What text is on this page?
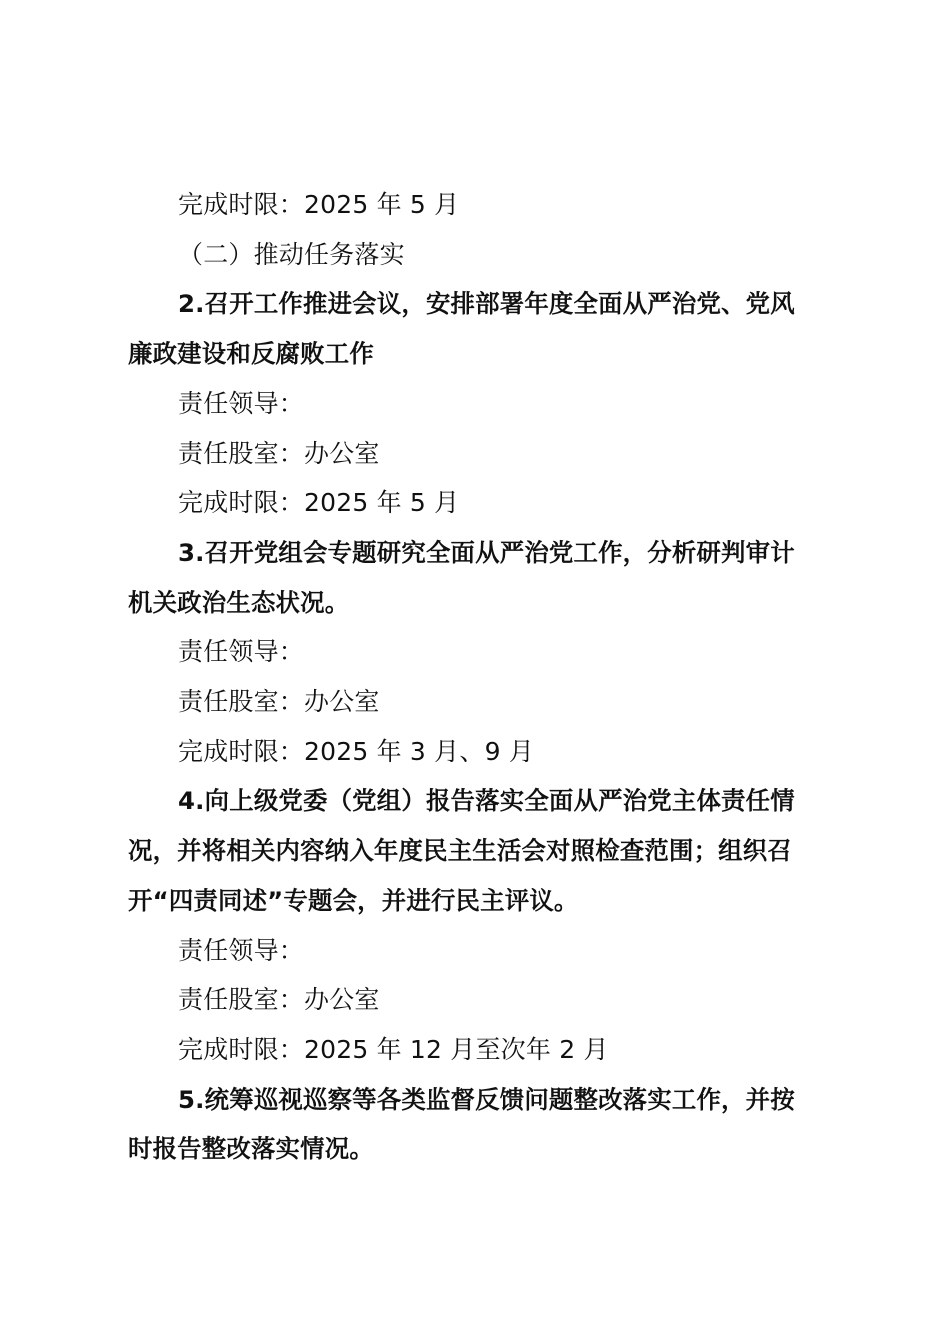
完成时限：2025 年 5 月
（二）推动任务落实
2.召开工作推进会议，安排部署年度全面从严治党、党风
廉政建设和反腐败工作
责任领导：
责任股室：办公室
完成时限：2025 年 5 月
3.召开党组会专题研究全面从严治党工作，分析研判审计
机关政治生态状况。
责任领导：
责任股室：办公室
完成时限：2025 年 3 月、9 月
4.向上级党委（党组）报告落实全面从严治党主体责任情
况，并将相关内容纳入年度民主生活会对照检查范围；组织召
开“四责同述”专题会，并进行民主评议。
责任领导：
责任股室：办公室
完成时限：2025 年 12 月至次年 2 月
5.统筹巡视巡察等各类监督反馈问题整改落实工作，并按
时报告整改落实情况。
